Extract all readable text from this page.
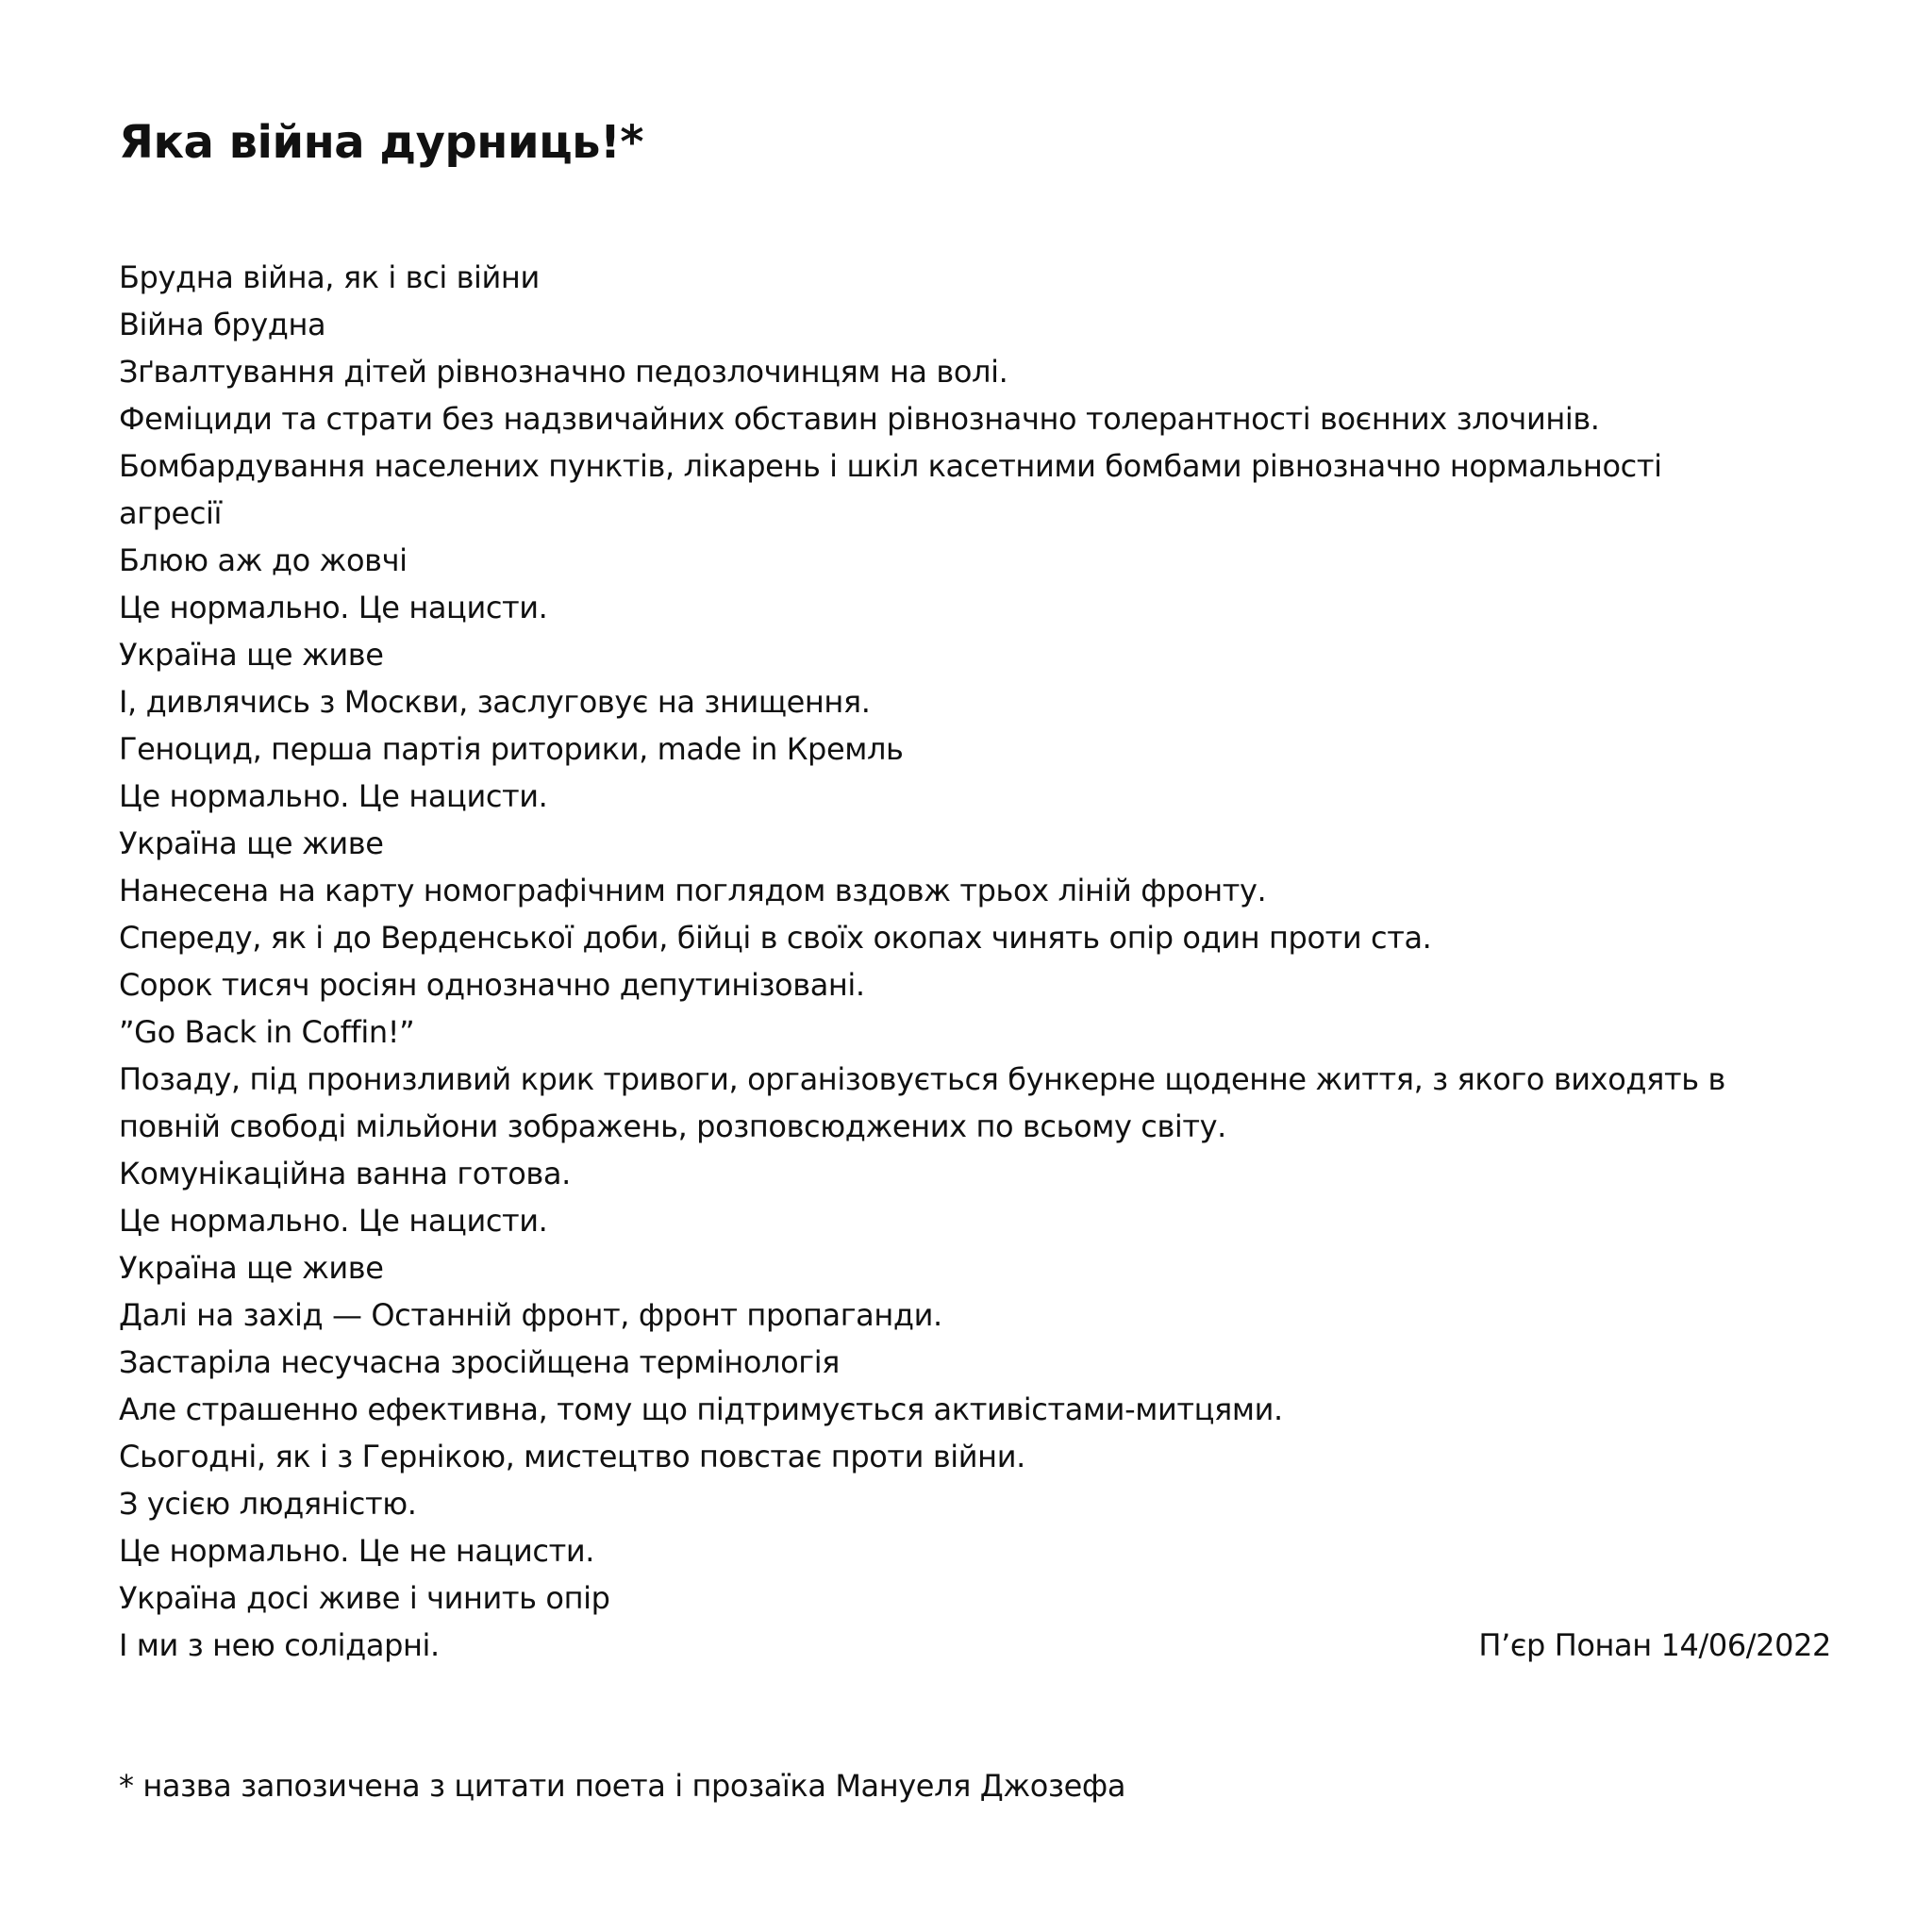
Яка війна дурниць!*
Брудна війна, як і всі війни
Війна брудна
Зґвалтування дітей рівнозначно педозлочинцям на волі.
Феміциди та страти без надзвичайних обставин рівнозначно толерантності воєнних злочинів.
Бомбардування населених пунктів, лікарень і шкіл касетними бомбами рівнозначно нормальності
агресії
Блюю аж до жовчі
Це нормально. Це нацисти.
Україна ще живе
І, дивлячись з Москви, заслуговує на знищення.
Геноцид, перша партія риторики, made in Кремль
Це нормально. Це нацисти.
Україна ще живе
Нанесена на карту номографічним поглядом вздовж трьох ліній фронту.
Спереду, як і до Верденської доби, бійці в своїх окопах чинять опір один проти ста.
Сорок тисяч росіян однозначно депутинізовані.
”Go Back in Coffin!”
Позаду, під пронизливий крик тривоги, організовується бункерне щоденне життя, з якого виходять в
повній свободі мільйони зображень, розповсюджених по всьому світу.
Комунікаційна ванна готова.
Це нормально. Це нацисти.
Україна ще живе
Далі на захід — Останній фронт, фронт пропаганди.
Застаріла несучасна зросійщена термінологія
Але страшенно ефективна, тому що підтримується активістами-митцями.
Сьогодні, як і з Гернікою, мистецтво повстає проти війни.
З усією людяністю.
Це нормально. Це не нацисти.
Україна досі живе і чинить опір
І ми з нею солідарні.	П’єр Понан 14/06/2022

* назва запозичена з цитати поета і прозаїка Мануеля Джозефа
